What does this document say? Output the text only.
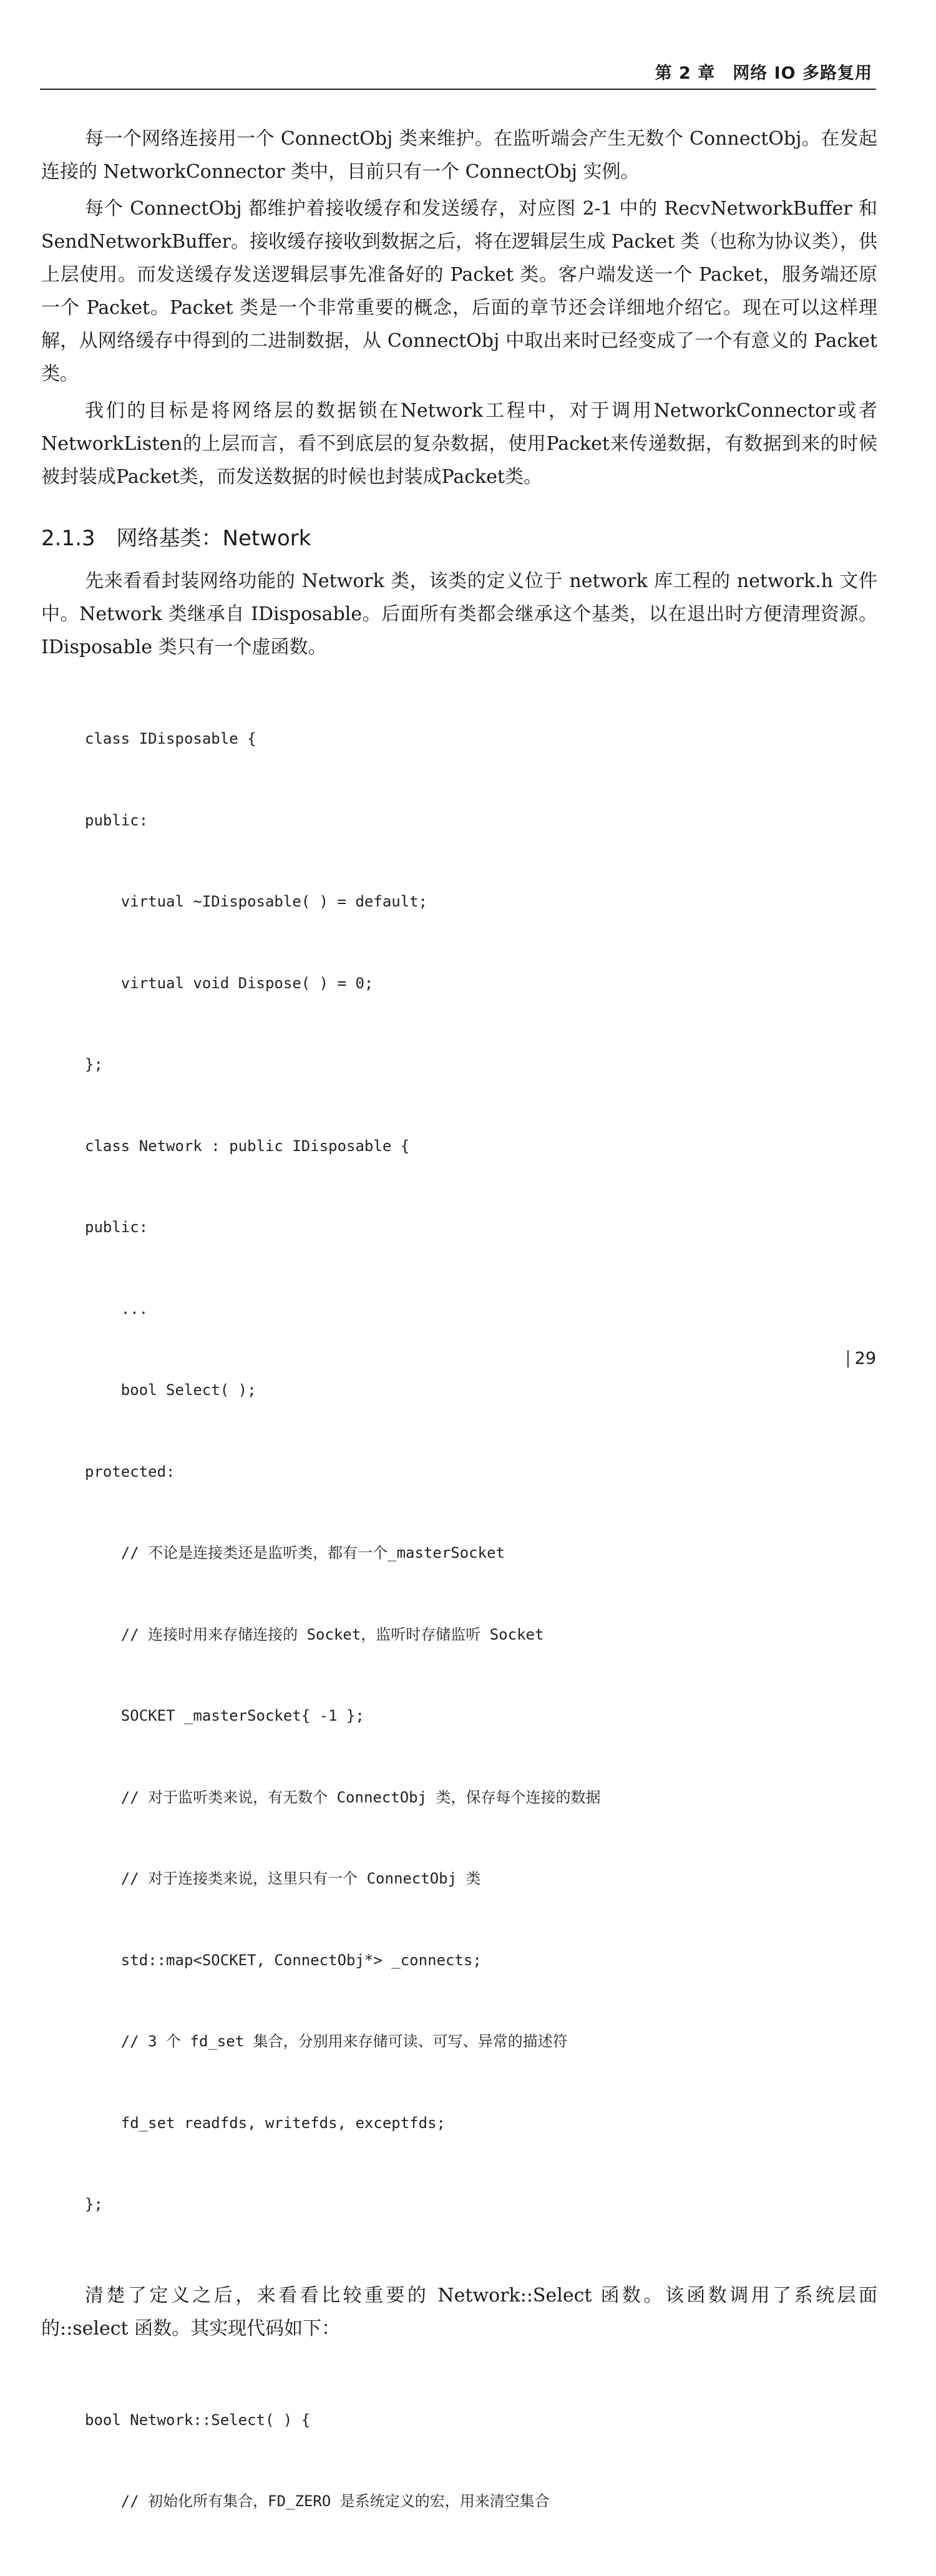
第 2 章　网络 IO 多路复用

每一个网络连接用一个 ConnectObj 类来维护。在监听端会产生无数个 ConnectObj。在发起连接的 NetworkConnector 类中，目前只有一个 ConnectObj 实例。

每个 ConnectObj 都维护着接收缓存和发送缓存，对应图 2-1 中的 RecvNetworkBuffer 和 SendNetworkBuffer。接收缓存接收到数据之后，将在逻辑层生成 Packet 类（也称为协议类），供上层使用。而发送缓存发送逻辑层事先准备好的 Packet 类。客户端发送一个 Packet，服务端还原一个 Packet。Packet 类是一个非常重要的概念，后面的章节还会详细地介绍它。现在可以这样理解，从网络缓存中得到的二进制数据，从 ConnectObj 中取出来时已经变成了一个有意义的 Packet 类。

我们的目标是将网络层的数据锁在Network工程中，对于调用NetworkConnector或者NetworkListen的上层而言，看不到底层的复杂数据，使用Packet来传递数据，有数据到来的时候被封装成Packet类，而发送数据的时候也封装成Packet类。

2.1.3　网络基类：Network

先来看看封装网络功能的 Network 类，该类的定义位于 network 库工程的 network.h 文件中。Network 类继承自 IDisposable。后面所有类都会继承这个基类，以在退出时方便清理资源。IDisposable 类只有一个虚函数。

class IDisposable {

public:

virtual ~IDisposable( ) = default;

virtual void Dispose( ) = 0;

};

class Network : public IDisposable {

public:

...

bool Select( );

protected:

// 不论是连接类还是监听类，都有一个_masterSocket

// 连接时用来存储连接的 Socket，监听时存储监听 Socket

SOCKET _masterSocket{ -1 };

// 对于监听类来说，有无数个 ConnectObj 类，保存每个连接的数据

// 对于连接类来说，这里只有一个 ConnectObj 类

std::map<SOCKET, ConnectObj*> _connects;

// 3 个 fd_set 集合，分别用来存储可读、可写、异常的描述符

fd_set readfds, writefds, exceptfds;

};

清楚了定义之后，来看看比较重要的 Network::Select 函数。该函数调用了系统层面的::select 函数。其实现代码如下：

bool Network::Select( ) {

// 初始化所有集合，FD_ZERO 是系统定义的宏，用来清空集合

29
